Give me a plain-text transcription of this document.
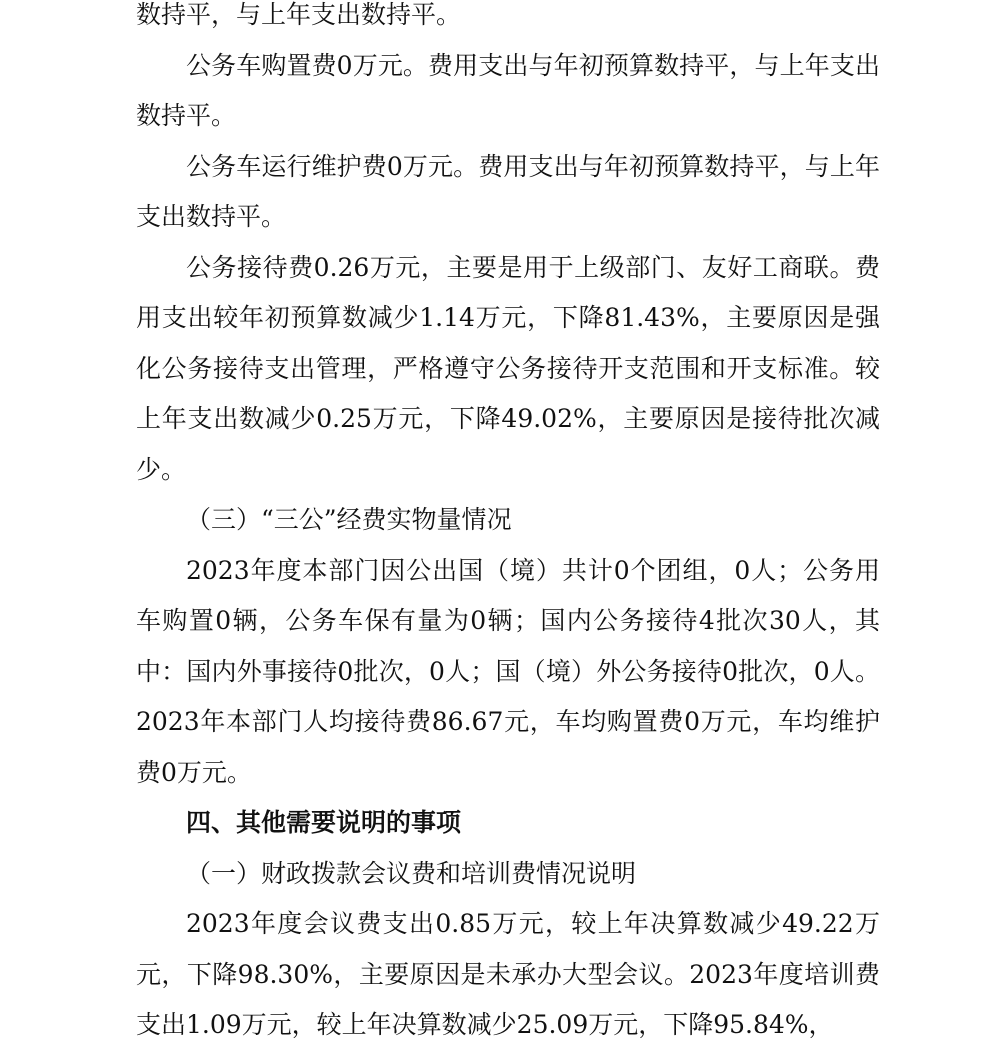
数持平，与上年支出数持平。

公务车购置费0万元。费用支出与年初预算数持平，与上年支出数持平。

公务车运行维护费0万元。费用支出与年初预算数持平，与上年支出数持平。

公务接待费0.26万元，主要是用于上级部门、友好工商联。费用支出较年初预算数减少1.14万元，下降81.43%，主要原因是强化公务接待支出管理，严格遵守公务接待开支范围和开支标准。较上年支出数减少0.25万元，下降49.02%，主要原因是接待批次减少。

（三）“三公”经费实物量情况

2023年度本部门因公出国（境）共计0个团组，0人；公务用车购置0辆，公务车保有量为0辆；国内公务接待4批次30人，其中：国内外事接待0批次，0人；国（境）外公务接待0批次，0人。2023年本部门人均接待费86.67元，车均购置费0万元，车均维护费0万元。

四、其他需要说明的事项

（一）财政拨款会议费和培训费情况说明

2023年度会议费支出0.85万元，较上年决算数减少49.22万元，下降98.30%，主要原因是未承办大型会议。2023年度培训费支出1.09万元，较上年决算数减少25.09万元，下降95.84%，
